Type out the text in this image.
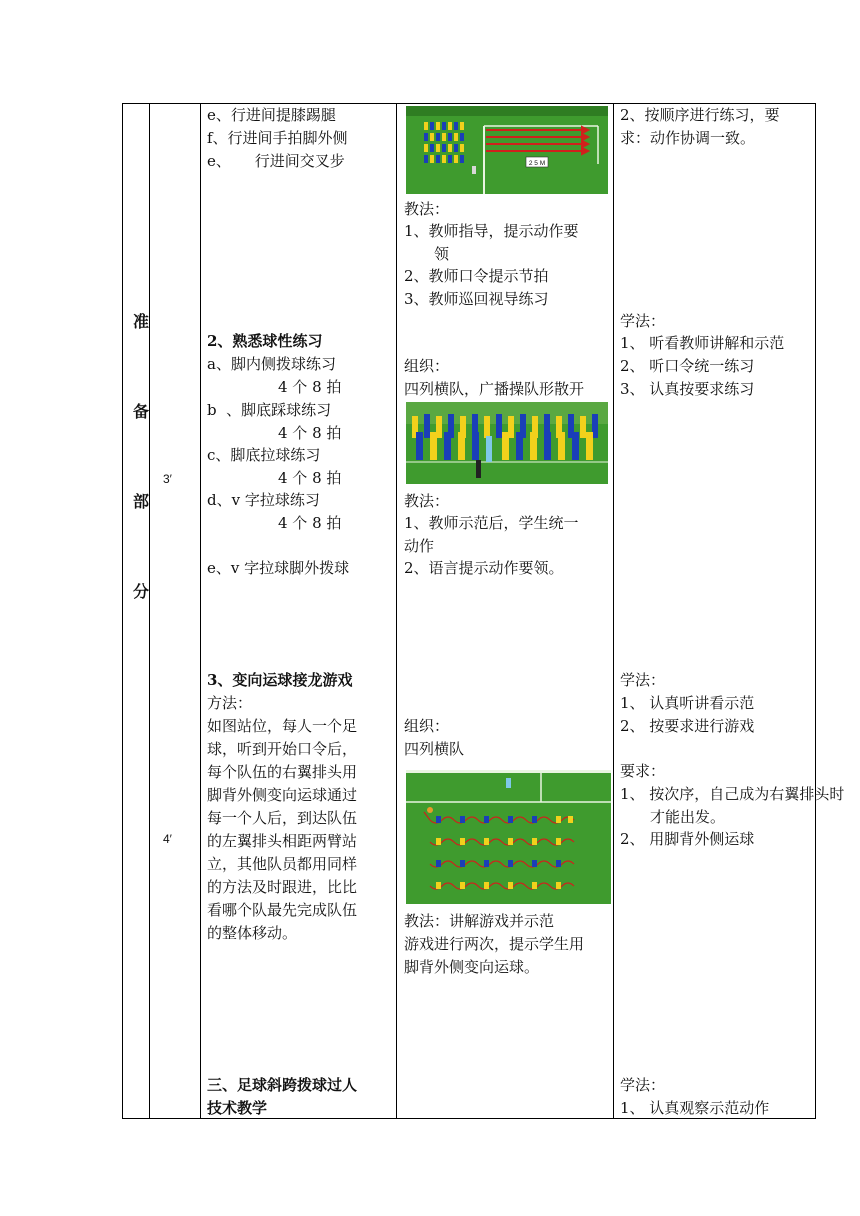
准
备
部
分
3′
4′
e、行进间提膝踢腿
f、行进间手拍脚外侧
e、     行进间交叉步
2、熟悉球性练习
a、脚内侧拨球练习
4 个 8 拍
b  、脚底踩球练习
4 个 8 拍
c、脚底拉球练习
4 个 8 拍
d、v 字拉球练习
4 个 8 拍
e、v 字拉球脚外拨球
3、变向运球接龙游戏
方法：
如图站位，每人一个足
球，听到开始口令后，
每个队伍的右翼排头用
脚背外侧变向运球通过
每一个人后，到达队伍
的左翼排头相距两臂站
立，其他队员都用同样
的方法及时跟进，比比
看哪个队最先完成队伍
的整体移动。
三、足球斜跨拨球过人
技术教学
2 5 M
教法：
1、教师指导，提示动作要
领
2、教师口令提示节拍
3、教师巡回视导练习
组织：
四列横队，广播操队形散开
教法：
1、教师示范后，学生统一
动作
2、语言提示动作要领。
组织：
四列横队
教法：讲解游戏并示范
游戏进行两次，提示学生用
脚背外侧变向运球。
2、按顺序进行练习，要
求：动作协调一致。
学法：
1、 听看教师讲解和示范
2、 听口令统一练习
3、 认真按要求练习
学法：
1、 认真听讲看示范
2、 按要求进行游戏
要求：
1、 按次序，自己成为右翼排头时才能出发。
2、 用脚背外侧运球
学法：
1、 认真观察示范动作
